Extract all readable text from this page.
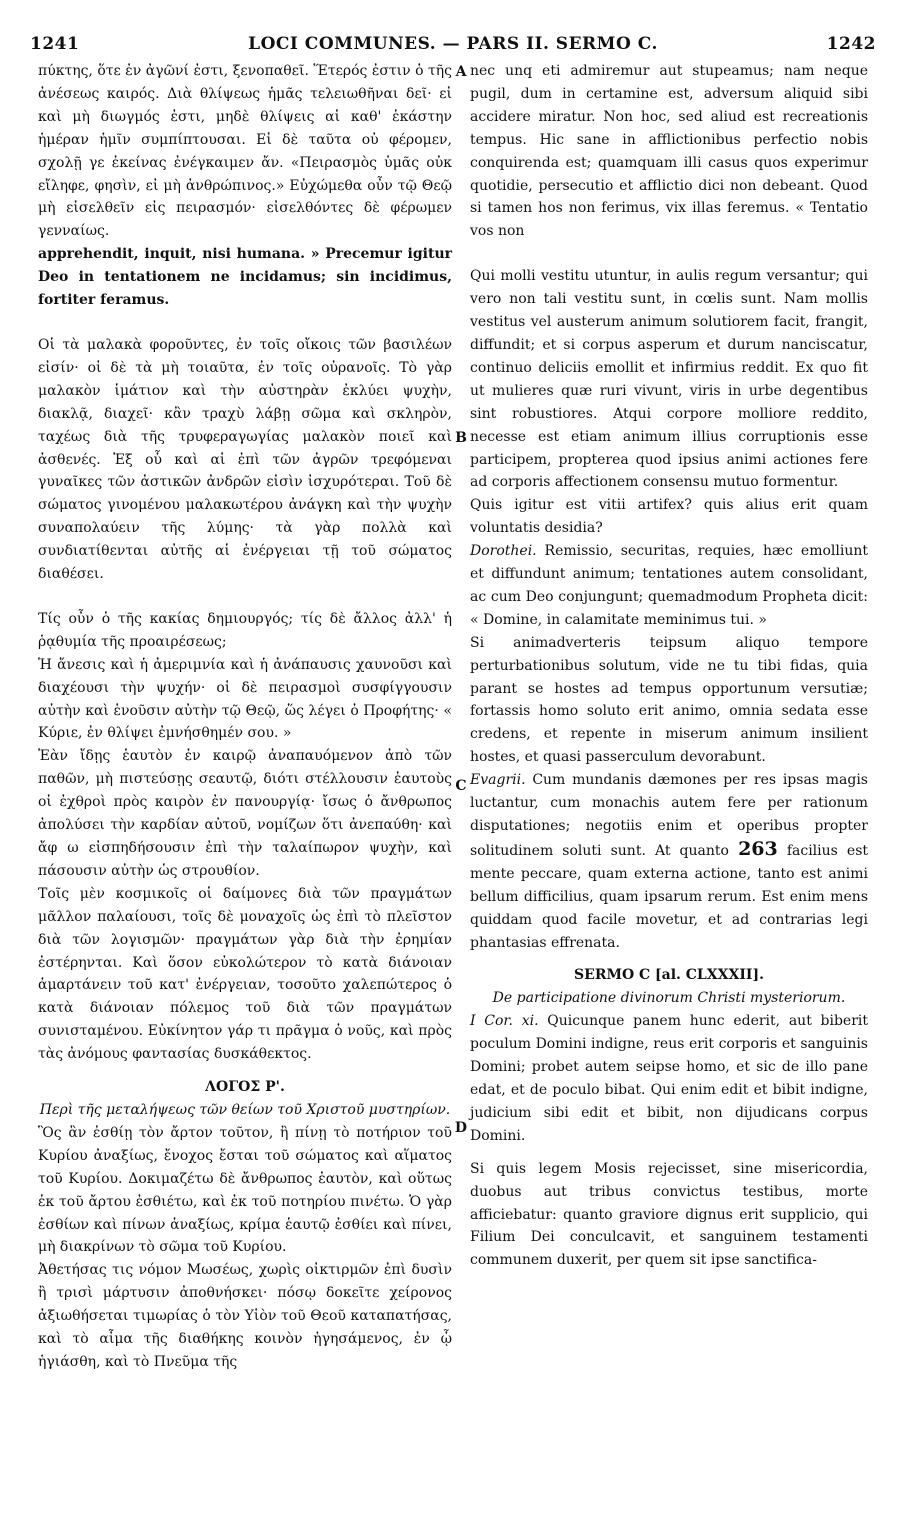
1241	LOCI COMMUNES. — PARS II. SERMO C.	1242
A
B
C
D

πύκτης, ὅτε ἐν ἀγῶνί ἐστι, ξενοπαθεῖ. Ἕτερός ἐστιν ὁ τῆς ἀνέσεως καιρός. Διὰ θλίψεως ἡμᾶς τελειωθῆναι δεῖ· εἰ καὶ μὴ διωγμός ἐστι, μηδὲ θλίψεις αἱ καθ' ἑκάστην ἡμέραν ἡμῖν συμπίπτουσαι. Εἰ δὲ ταῦτα οὐ φέρομεν, σχολῇ γε ἐκείνας ἐνέγκαιμεν ἄν. «Πειρασμὸς ὑμᾶς οὐκ εἴληφε, φησὶν, εἰ μὴ ἀνθρώπινος.» Εὐχώμεθα οὖν τῷ Θεῷ μὴ εἰσελθεῖν εἰς πειρασμόν· εἰσελθόντες δὲ φέρωμεν γενναίως.

apprehendit, inquit, nisi humana. » Precemur igitur Deo in tentationem ne incidamus; sin incidimus, fortiter feramus.

Οἱ τὰ μαλακὰ φοροῦντες, ἐν τοῖς οἴκοις τῶν βασιλέων εἰσίν· οἱ δὲ τὰ μὴ τοιαῦτα, ἐν τοῖς οὐρανοῖς. Τὸ γὰρ μαλακὸν ἱμάτιον καὶ τὴν αὐστηρὰν ἐκλύει ψυχὴν, διακλᾷ, διαχεῖ· κἂν τραχὺ λάβῃ σῶμα καὶ σκληρὸν, ταχέως διὰ τῆς τρυφεραγωγίας μαλακὸν ποιεῖ καὶ ἀσθενές. Ἐξ οὗ καὶ αἱ ἐπὶ τῶν ἀγρῶν τρεφόμεναι γυναῖκες τῶν ἀστικῶν ἀνδρῶν εἰσὶν ἰσχυρότεραι. Τοῦ δὲ σώματος γινομένου μαλακωτέρου ἀνάγκη καὶ τὴν ψυχὴν συναπολαύειν τῆς λύμης· τὰ γὰρ πολλὰ καὶ συνδιατίθενται αὐτῆς αἱ ἐνέργειαι τῇ τοῦ σώματος διαθέσει.

Τίς οὖν ὁ τῆς κακίας δημιουργός; τίς δὲ ἄλλος ἀλλ' ἡ ῥᾳθυμία τῆς προαιρέσεως;

Ἡ ἄνεσις καὶ ἡ ἀμεριμνία καὶ ἡ ἀνάπαυσις χαυνοῦσι καὶ διαχέουσι τὴν ψυχήν· οἱ δὲ πειρασμοὶ συσφίγγουσιν αὐτὴν καὶ ἑνοῦσιν αὐτὴν τῷ Θεῷ, ὥς λέγει ὁ Προφήτης· « Κύριε, ἐν θλίψει ἐμνήσθημέν σου. »

Ἐὰν ἴδῃς ἑαυτὸν ἐν καιρῷ ἀναπαυόμενον ἀπὸ τῶν παθῶν, μὴ πιστεύσῃς σεαυτῷ, διότι στέλλουσιν ἑαυτοὺς οἱ ἐχθροὶ πρὸς καιρὸν ἐν πανουργίᾳ· ἴσως ὁ ἄνθρωπος ἀπολύσει τὴν καρδίαν αὐτοῦ, νομίζων ὅτι ἀνεπαύθη· καὶ ἄφ ω εἰσπηδήσουσιν ἐπὶ τὴν ταλαίπωρον ψυχὴν, καὶ πάσουσιν αὐτὴν ὡς στρουθίον.

Τοῖς μὲν κοσμικοῖς οἱ δαίμονες διὰ τῶν πραγμάτων μᾶλλον παλαίουσι, τοῖς δὲ μοναχοῖς ὡς ἐπὶ τὸ πλεῖστον διὰ τῶν λογισμῶν· πραγμάτων γὰρ διὰ τὴν ἐρημίαν ἐστέρηνται. Καὶ ὅσον εὐκολώτερον τὸ κατὰ διάνοιαν ἁμαρτάνειν τοῦ κατ' ἐνέργειαν, τοσοῦτο χαλεπώτερος ὁ κατὰ διάνοιαν πόλεμος τοῦ διὰ τῶν πραγμάτων συνισταμένου. Εὐκίνητον γάρ τι πρᾶγμα ὁ νοῦς, καὶ πρὸς τὰς ἀνόμους φαντασίας δυσκάθεκτος.

ΛΟΓΟΣ Ρ'.

Περὶ τῆς μεταλήψεως τῶν θείων τοῦ Χριστοῦ μυστηρίων.

Ὃς ἂν ἐσθίῃ τὸν ἄρτον τοῦτον, ἢ πίνῃ τὸ ποτήριον τοῦ Κυρίου ἀναξίως, ἔνοχος ἔσται τοῦ σώματος καὶ αἵματος τοῦ Κυρίου. Δοκιμαζέτω δὲ ἄνθρωπος ἑαυτὸν, καὶ οὕτως ἐκ τοῦ ἄρτου ἐσθιέτω, καὶ ἐκ τοῦ ποτηρίου πινέτω. Ὁ γὰρ ἐσθίων καὶ πίνων ἀναξίως, κρίμα ἑαυτῷ ἐσθίει καὶ πίνει, μὴ διακρίνων τὸ σῶμα τοῦ Κυρίου.

Ἀθετήσας τις νόμον Μωσέως, χωρὶς οἰκτιρμῶν ἐπὶ δυσὶν ἢ τρισὶ μάρτυσιν ἀποθνήσκει· πόσῳ δοκεῖτε χείρονος ἀξιωθήσεται τιμωρίας ὁ τὸν Υἱὸν τοῦ Θεοῦ καταπατήσας, καὶ τὸ αἷμα τῆς διαθήκης κοινὸν ἡγησάμενος, ἐν ᾧ ἡγιάσθη, καὶ τὸ Πνεῦμα τῆς

nec unq eti admiremur aut stupeamus; nam neque pugil, dum in certamine est, adversum aliquid sibi accidere miratur. Non hoc, sed aliud est recreationis tempus. Hic sane in afflictionibus perfectio nobis conquirenda est; quamquam illi casus quos experimur quotidie, persecutio et afflictio dici non debeant. Quod si tamen hos non ferimus, vix illas feremus. « Tentatio vos non

Qui molli vestitu utuntur, in aulis regum versantur; qui vero non tali vestitu sunt, in cœlis sunt. Nam mollis vestitus vel austerum animum solutiorem facit, frangit, diffundit; et si corpus asperum et durum nanciscatur, continuo deliciis emollit et infirmius reddit. Ex quo fit ut mulieres quæ ruri vivunt, viris in urbe degentibus sint robustiores. Atqui corpore molliore reddito, necesse est etiam animum illius corruptionis esse participem, propterea quod ipsius animi actiones fere ad corporis affectionem consensu mutuo formentur.

Quis igitur est vitii artifex? quis alius erit quam voluntatis desidia?

Dorothei. Remissio, securitas, requies, hæc emolliunt et diffundunt animum; tentationes autem consolidant, ac cum Deo conjungunt; quemadmodum Propheta dicit: « Domine, in calamitate meminimus tui. »

Si animadverteris teipsum aliquo tempore perturbationibus solutum, vide ne tu tibi fidas, quia parant se hostes ad tempus opportunum versutiæ; fortassis homo soluto erit animo, omnia sedata esse credens, et repente in miserum animum insilient hostes, et quasi passerculum devorabunt.

Evagrii. Cum mundanis dæmones per res ipsas magis luctantur, cum monachis autem fere per rationum disputationes; negotiis enim et operibus propter solitudinem soluti sunt. At quanto 263 facilius est mente peccare, quam externa actione, tanto est animi bellum difficilius, quam ipsarum rerum. Est enim mens quiddam quod facile movetur, et ad contrarias legi phantasias effrenata.

SERMO C [al. CLXXXII].

De participatione divinorum Christi mysteriorum.

I Cor. xi. Quicunque panem hunc ederit, aut biberit poculum Domini indigne, reus erit corporis et sanguinis Domini; probet autem seipse homo, et sic de illo pane edat, et de poculo bibat. Qui enim edit et bibit indigne, judicium sibi edit et bibit, non dijudicans corpus Domini.

Si quis legem Mosis rejecisset, sine misericordia, duobus aut tribus convictus testibus, morte afficiebatur: quanto graviore dignus erit supplicio, qui Filium Dei conculcavit, et sanguinem testamenti communem duxerit, per quem sit ipse sanctifica-
